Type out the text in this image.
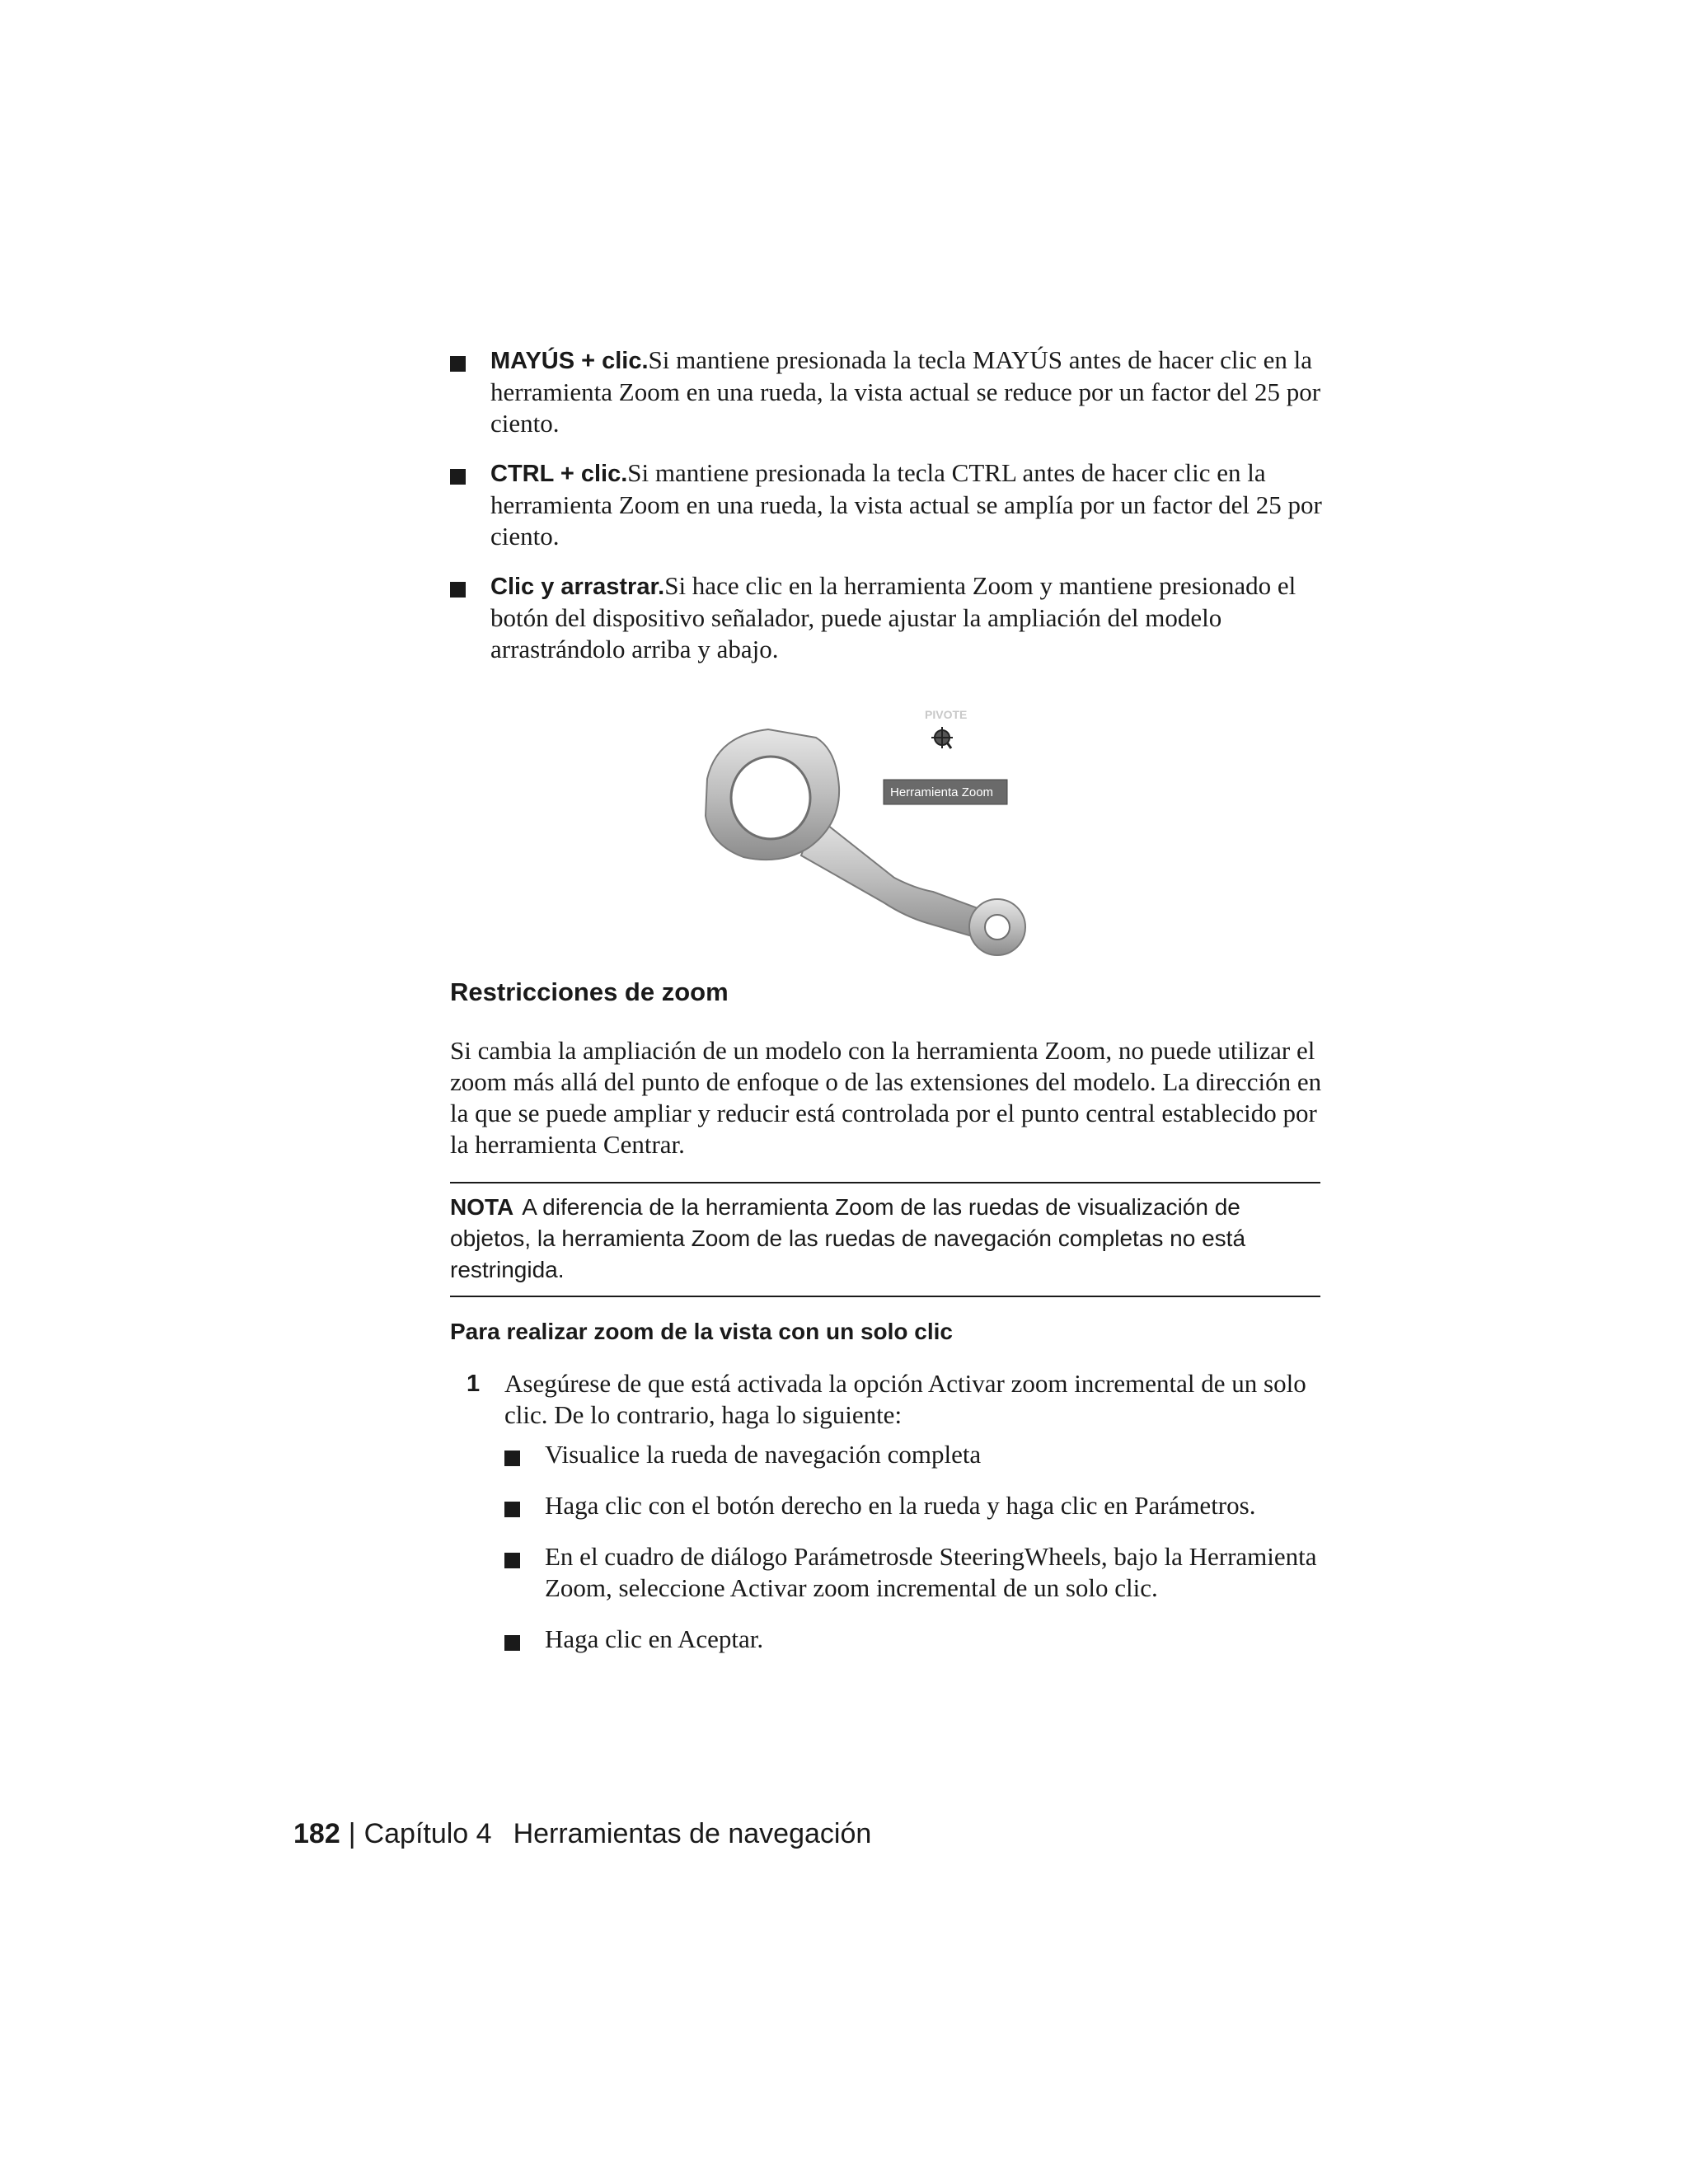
MAYÚS + clic.Si mantiene presionada la tecla MAYÚS antes de hacer clic en la herramienta Zoom en una rueda, la vista actual se reduce por un factor del 25 por ciento.
CTRL + clic.Si mantiene presionada la tecla CTRL antes de hacer clic en la herramienta Zoom en una rueda, la vista actual se amplía por un factor del 25 por ciento.
Clic y arrastrar.Si hace clic en la herramienta Zoom y mantiene presionado el botón del dispositivo señalador, puede ajustar la ampliación del modelo arrastrándolo arriba y abajo.
PIVOTE
Herramienta Zoom
Restricciones de zoom
Si cambia la ampliación de un modelo con la herramienta Zoom, no puede utilizar el zoom más allá del punto de enfoque o de las extensiones del modelo. La dirección en la que se puede ampliar y reducir está controlada por el punto central establecido por la herramienta Centrar.
NOTA A diferencia de la herramienta Zoom de las ruedas de visualización de objetos, la herramienta Zoom de las ruedas de navegación completas no está restringida.
Para realizar zoom de la vista con un solo clic
1 Asegúrese de que está activada la opción Activar zoom incremental de un solo clic. De lo contrario, haga lo siguiente:
Visualice la rueda de navegación completa
Haga clic con el botón derecho en la rueda y haga clic en Parámetros.
En el cuadro de diálogo Parámetrosde SteeringWheels, bajo la Herramienta Zoom, seleccione Activar zoom incremental de un solo clic.
Haga clic en Aceptar.
182 | Capítulo 4 Herramientas de navegación
